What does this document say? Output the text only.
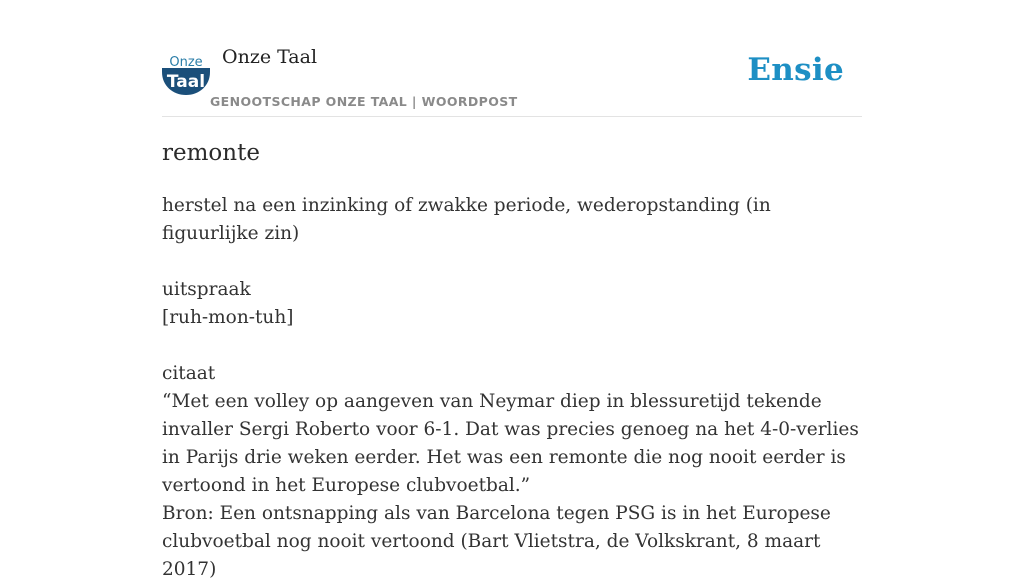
Onze
Taal
Onze Taal
GENOOTSCHAP ONZE TAAL | WOORDPOST
Ensie
remonte

herstel na een inzinking of zwakke periode, wederopstanding (in figuurlijke zin)

uitspraak

[ruh-mon-tuh]

citaat

“Met een volley op aangeven van Neymar diep in blessuretijd tekende invaller Sergi Roberto voor 6-1. Dat was precies genoeg na het 4-0-verlies in Parijs drie weken eerder. Het was een remonte die nog nooit eerder is vertoond in het Europese clubvoetbal.”

Bron: Een ontsnapping als van Barcelona tegen PSG is in het Europese clubvoetbal nog nooit vertoond (Bart Vlietstra, de Volkskrant, 8 maart 2017)
